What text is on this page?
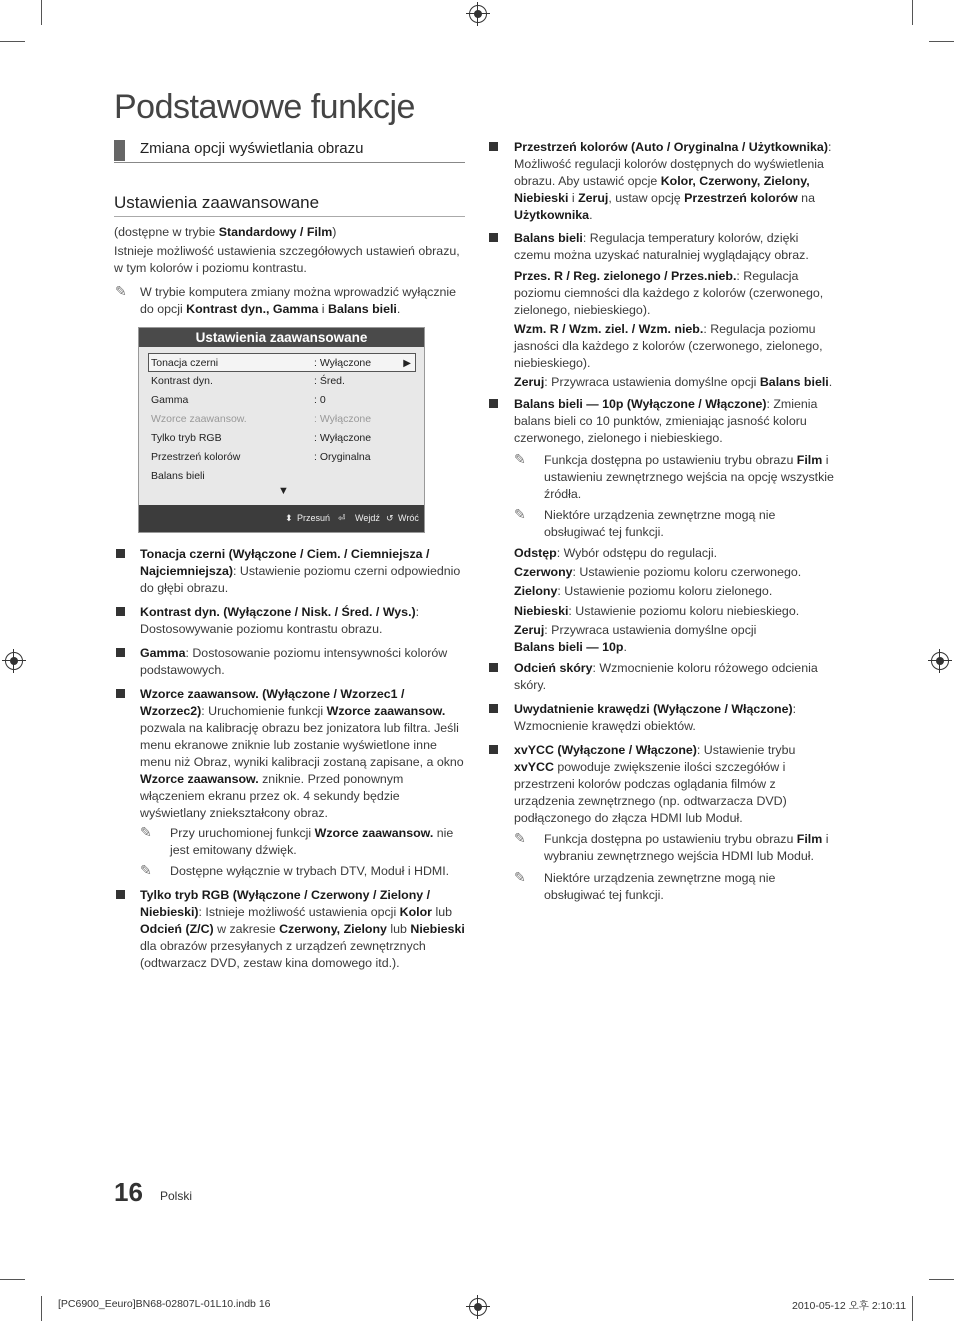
Podstawowe funkcje
Zmiana opcji wyświetlania obrazu
Ustawienia zaawansowane
(dostępne w trybie Standardowy / Film)
Istnieje możliwość ustawienia szczegółowych ustawień obrazu, w tym kolorów i poziomu kontrastu.
✎ W trybie komputera zmiany można wprowadzić wyłącznie do opcji Kontrast dyn., Gamma i Balans bieli.
Ustawienia zaawansowane
Tonacja czerni	: Wyłączone	▶
Kontrast dyn.	: Śred.
Gamma	: 0
Wzorce zaawansow.	: Wyłączone
Tylko tryb RGB	: Wyłączone
Przestrzeń kolorów	: Oryginalna
Balans bieli
▼
⬍ Przesuń ⏎ Wejdź ↺ Wróć
Tonacja czerni (Wyłączone / Ciem. / Ciemniejsza / Najciemniejsza): Ustawienie poziomu czerni odpowiednio do głębi obrazu.
Kontrast dyn. (Wyłączone / Nisk. / Śred. / Wys.): Dostosowywanie poziomu kontrastu obrazu.
Gamma: Dostosowanie poziomu intensywności kolorów podstawowych.
Wzorce zaawansow. (Wyłączone / Wzorzec1 / Wzorzec2): Uruchomienie funkcji Wzorce zaawansow. pozwala na kalibrację obrazu bez jonizatora lub filtra. Jeśli menu ekranowe zniknie lub zostanie wyświetlone inne menu niż Obraz, wyniki kalibracji zostaną zapisane, a okno Wzorce zaawansow. zniknie. Przed ponownym włączeniem ekranu przez ok. 4 sekundy będzie wyświetlany zniekształcony obraz.
✎ Przy uruchomionej funkcji Wzorce zaawansow. nie jest emitowany dźwięk.
✎ Dostępne wyłącznie w trybach DTV, Moduł i HDMI.
Tylko tryb RGB (Wyłączone / Czerwony / Zielony / Niebieski): Istnieje możliwość ustawienia opcji Kolor lub Odcień (Z/C) w zakresie Czerwony, Zielony lub Niebieski dla obrazów przesyłanych z urządzeń zewnętrznych (odtwarzacz DVD, zestaw kina domowego itd.).
Przestrzeń kolorów (Auto / Oryginalna / Użytkownika): Możliwość regulacji kolorów dostępnych do wyświetlenia obrazu. Aby ustawić opcje Kolor, Czerwony, Zielony, Niebieski i Zeruj, ustaw opcję Przestrzeń kolorów na Użytkownika.
Balans bieli: Regulacja temperatury kolorów, dzięki czemu można uzyskać naturalniej wyglądający obraz.
Przes. R / Reg. zielonego / Przes.nieb.: Regulacja poziomu ciemności dla każdego z kolorów (czerwonego, zielonego, niebieskiego).
Wzm. R / Wzm. ziel. / Wzm. nieb.: Regulacja poziomu jasności dla każdego z kolorów (czerwonego, zielonego, niebieskiego).
Zeruj: Przywraca ustawienia domyślne opcji Balans bieli.
Balans bieli — 10p (Wyłączone / Włączone): Zmienia balans bieli co 10 punktów, zmieniając jasność koloru czerwonego, zielonego i niebieskiego.
✎ Funkcja dostępna po ustawieniu trybu obrazu Film i ustawieniu zewnętrznego wejścia na opcję wszystkie źródła.
✎ Niektóre urządzenia zewnętrzne mogą nie obsługiwać tej funkcji.
Odstęp: Wybór odstępu do regulacji.
Czerwony: Ustawienie poziomu koloru czerwonego.
Zielony: Ustawienie poziomu koloru zielonego.
Niebieski: Ustawienie poziomu koloru niebieskiego.
Zeruj: Przywraca ustawienia domyślne opcji
Balans bieli — 10p.
Odcień skóry: Wzmocnienie koloru różowego odcienia skóry.
Uwydatnienie krawędzi (Wyłączone / Włączone): Wzmocnienie krawędzi obiektów.
xvYCC (Wyłączone / Włączone): Ustawienie trybu xvYCC powoduje zwiększenie ilości szczegółów i przestrzeni kolorów podczas oglądania filmów z urządzenia zewnętrznego (np. odtwarzacza DVD) podłączonego do złącza HDMI lub Moduł.
✎ Funkcja dostępna po ustawieniu trybu obrazu Film i wybraniu zewnętrznego wejścia HDMI lub Moduł.
✎ Niektóre urządzenia zewnętrzne mogą nie obsługiwać tej funkcji.
16 Polski
[PC6900_Eeuro]BN68-02807L-01L10.indb 16	2010-05-12 오후 2:10:11
